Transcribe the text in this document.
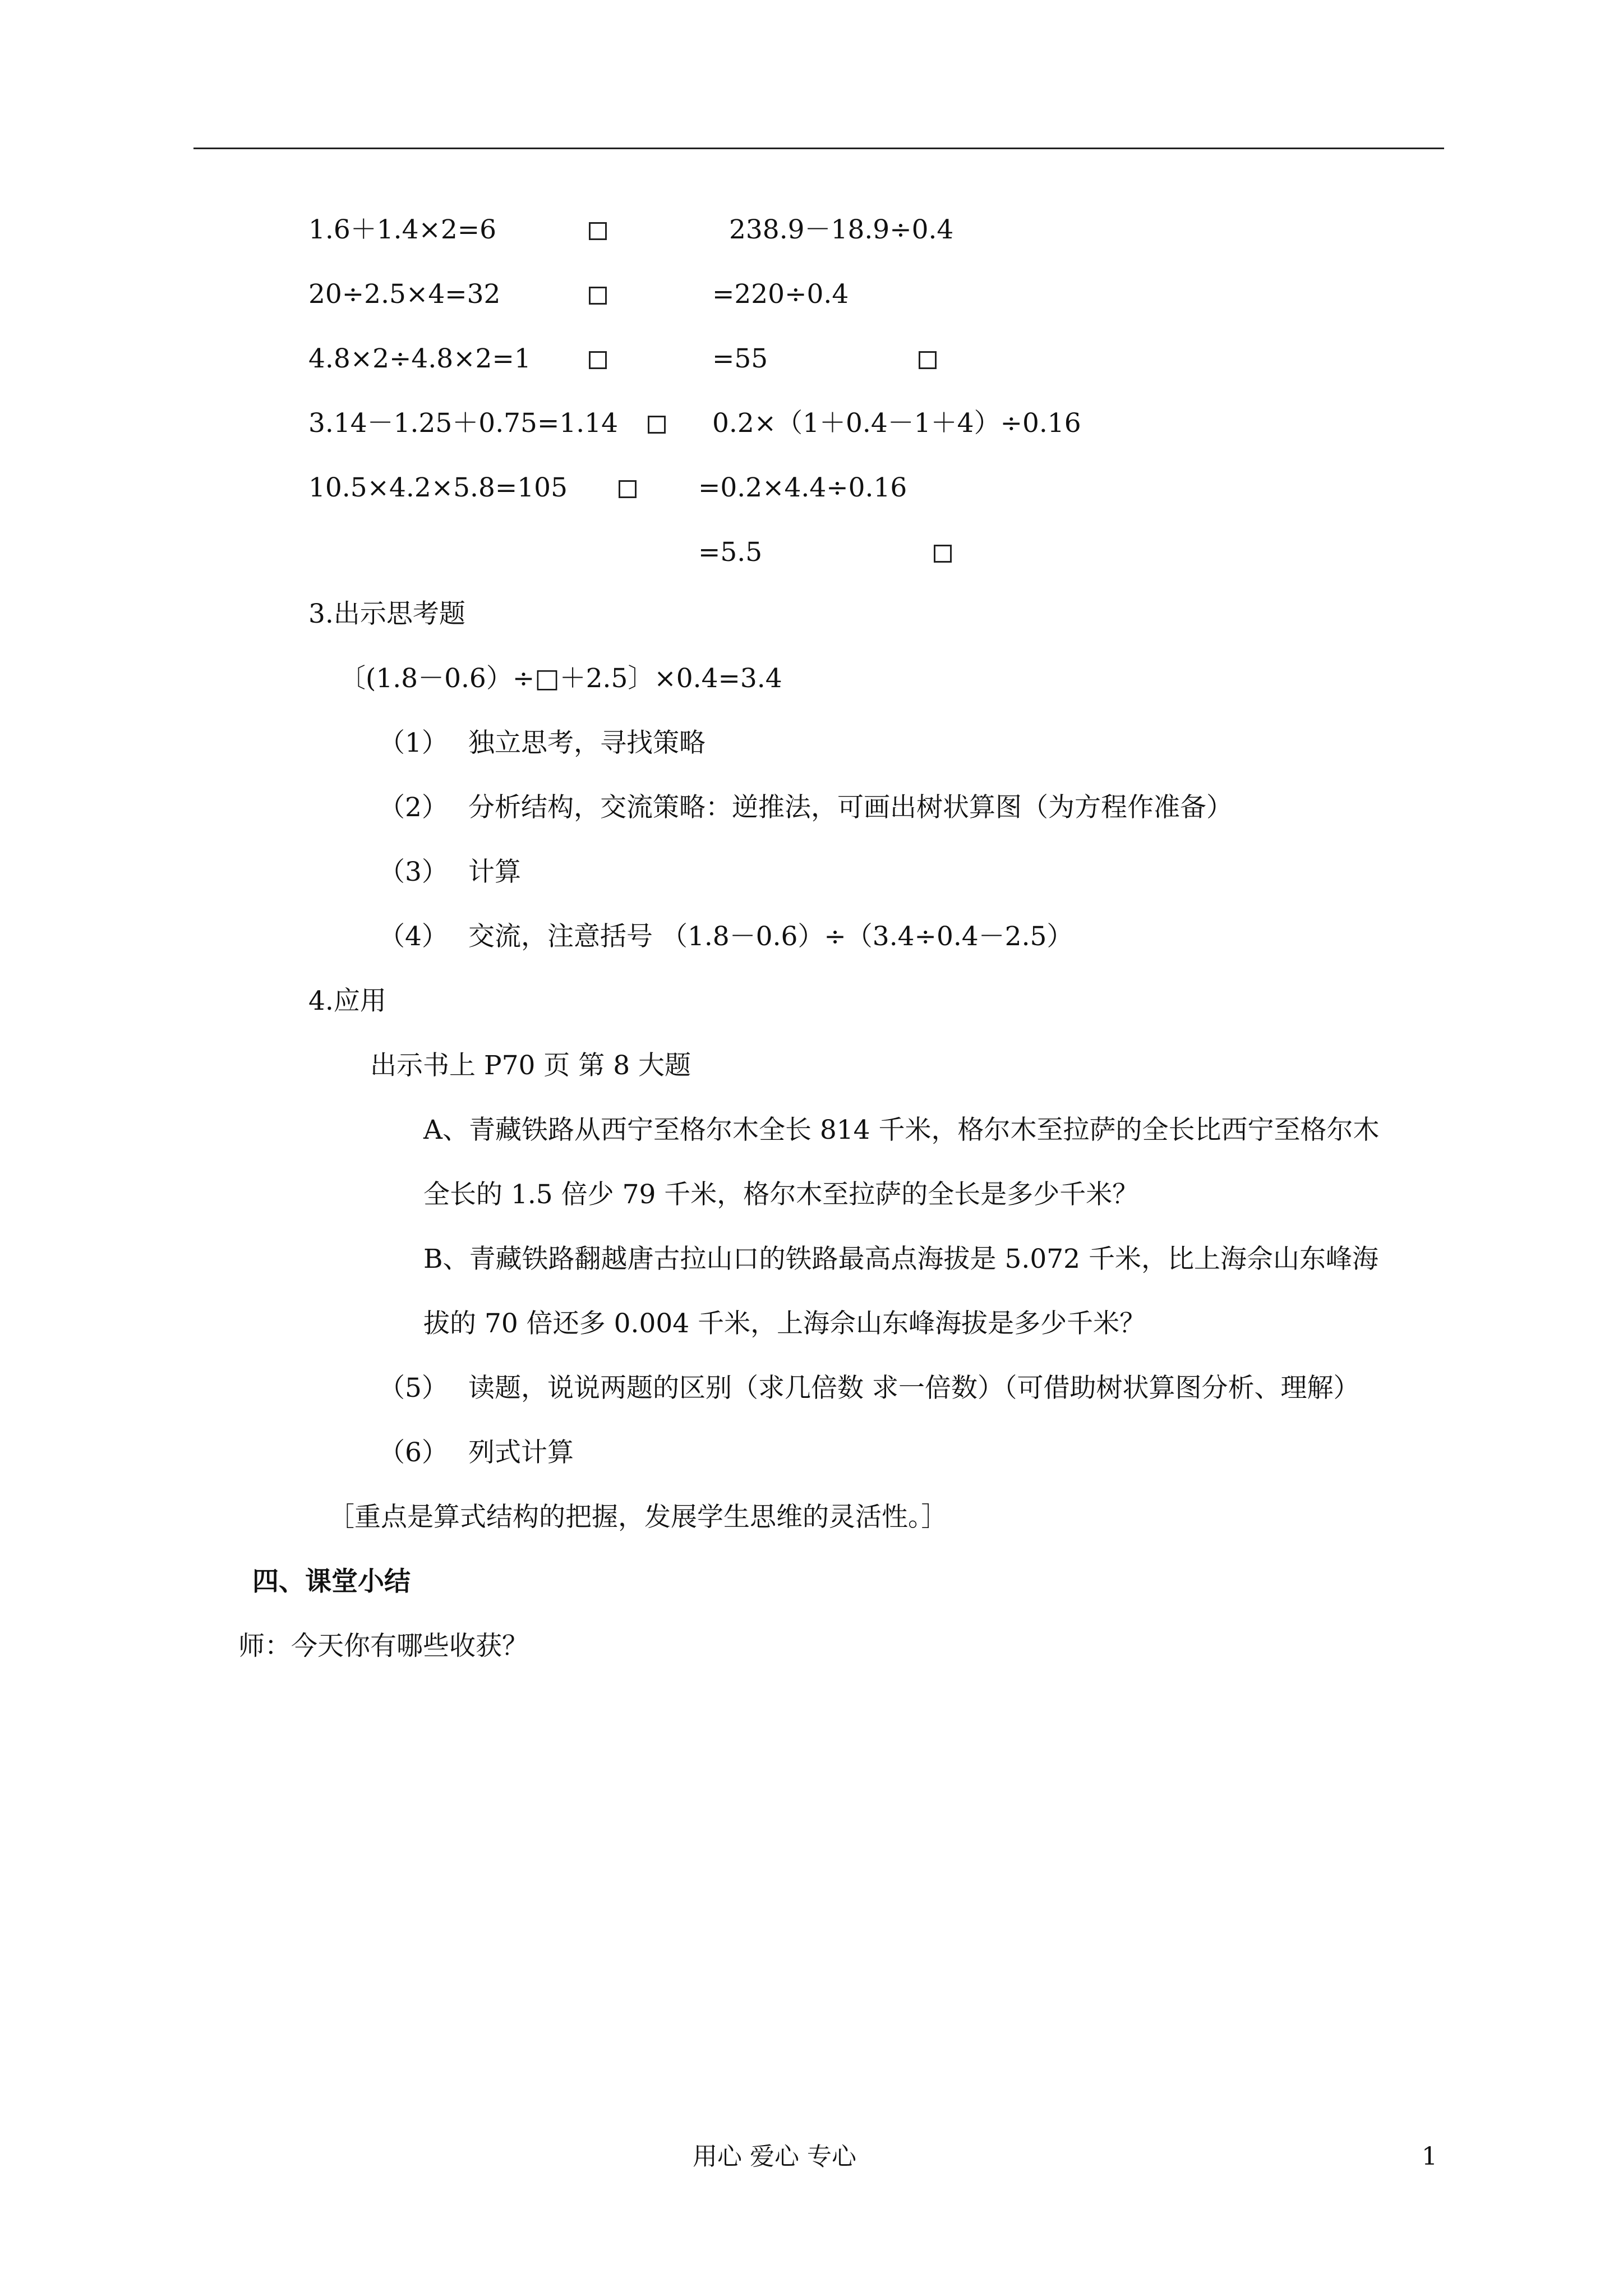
1.6＋1.4×2=6
20÷2.5×4=32
4.8×2÷4.8×2=1
3.14－1.25＋0.75=1.14
10.5×4.2×5.8=105
238.9－18.9÷0.4
=220÷0.4
=55
0.2×（1＋0.4－1＋4）÷0.16
=0.2×4.4÷0.16
=5.5
3.出示思考题
〔(1.8－0.6）÷□＋2.5〕×0.4=3.4
（1） 独立思考，寻找策略
（2） 分析结构，交流策略：逆推法，可画出树状算图（为方程作准备）
（3） 计算
（4） 交流，注意括号 （1.8－0.6）÷（3.4÷0.4－2.5）
4.应用
出示书上 P70 页 第 8 大题
A、青藏铁路从西宁至格尔木全长 814 千米，格尔木至拉萨的全长比西宁至格尔木
全长的 1.5 倍少 79 千米，格尔木至拉萨的全长是多少千米？
B、青藏铁路翻越唐古拉山口的铁路最高点海拔是 5.072 千米，比上海佘山东峰海
拔的 70 倍还多 0.004 千米，上海佘山东峰海拔是多少千米？
（5） 读题，说说两题的区别（求几倍数 求一倍数）（可借助树状算图分析、理解）
（6） 列式计算
［重点是算式结构的把握，发展学生思维的灵活性。］
四、课堂小结
师：今天你有哪些收获？
用心 爱心 专心	1
